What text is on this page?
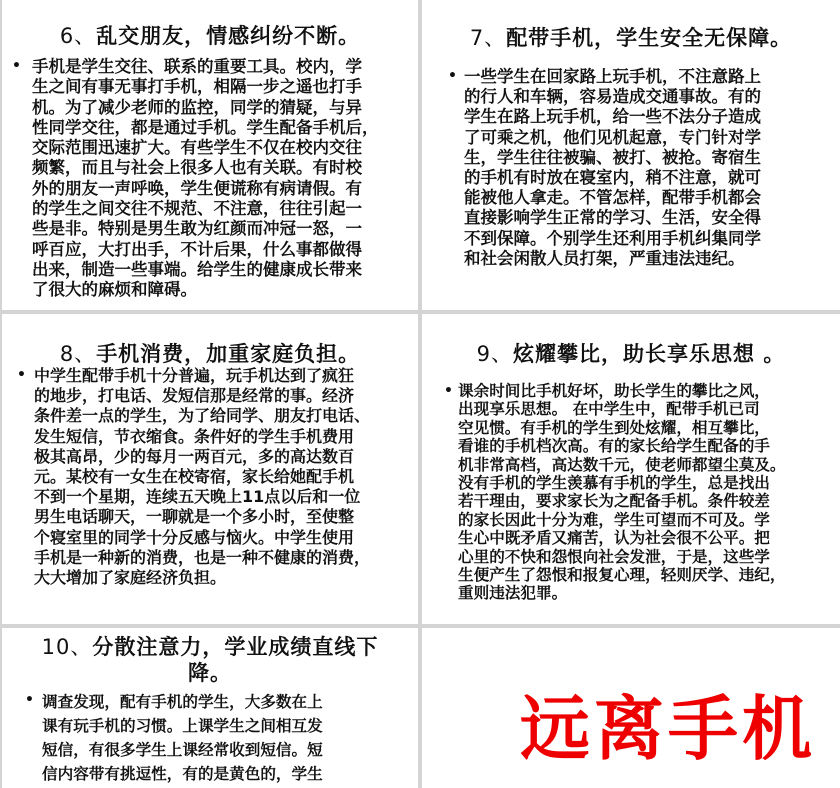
6、乱交朋友，情感纠纷不断。
• 手机是学生交往、联系的重要工具。校内，学
生之间有事无事打手机，相隔一步之遥也打手
机。为了减少老师的监控，同学的猜疑，与异
性同学交往，都是通过手机。学生配备手机后，
交际范围迅速扩大。有些学生不仅在校内交往
频繁，而且与社会上很多人也有关联。有时校
外的朋友一声呼唤，学生便谎称有病请假。有
的学生之间交往不规范、不注意，往往引起一
些是非。特别是男生敢为红颜而冲冠一怒，一
呼百应，大打出手，不计后果，什么事都做得
出来，制造一些事端。给学生的健康成长带来
了很大的麻烦和障碍。
7、配带手机，学生安全无保障。
• 一些学生在回家路上玩手机，不注意路上
的行人和车辆，容易造成交通事故。有的
学生在路上玩手机，给一些不法分子造成
了可乘之机，他们见机起意，专门针对学
生，学生往往被骗、被打、被抢。寄宿生
的手机有时放在寝室内，稍不注意，就可
能被他人拿走。不管怎样，配带手机都会
直接影响学生正常的学习、生活，安全得
不到保障。个别学生还利用手机纠集同学
和社会闲散人员打架，严重违法违纪。
8、手机消费，加重家庭负担。
• 中学生配带手机十分普遍，玩手机达到了疯狂
的地步，打电话、发短信那是经常的事。经济
条件差一点的学生，为了给同学、朋友打电话、
发生短信，节衣缩食。条件好的学生手机费用
极其高昂，少的每月一两百元，多的高达数百
元。某校有一女生在校寄宿，家长给她配手机
不到一个星期，连续五天晚上11点以后和一位
男生电话聊天，一聊就是一个多小时，至使整
个寝室里的同学十分反感与恼火。中学生使用
手机是一种新的消费，也是一种不健康的消费，
大大增加了家庭经济负担。
9、炫耀攀比，助长享乐思想 。
• 课余时间比手机好坏，助长学生的攀比之风，
出现享乐思想。 在中学生中，配带手机已司
空见惯。有手机的学生到处炫耀，相互攀比，
看谁的手机档次高。有的家长给学生配备的手
机非常高档，高达数千元，使老师都望尘莫及。
没有手机的学生羡慕有手机的学生，总是找出
若干理由，要求家长为之配备手机。条件较差
的家长因此十分为难，学生可望而不可及。学
生心中既矛盾又痛苦，认为社会很不公平。把
心里的不快和怨恨向社会发泄，于是，这些学
生便产生了怨恨和报复心理，轻则厌学、违纪，
重则违法犯罪。
10、分散注意力，学业成绩直线下降。
• 调查发现，配有手机的学生，大多数在上
课有玩手机的习惯。上课学生之间相互发
短信，有很多学生上课经常收到短信。短
信内容带有挑逗性，有的是黄色的，学生
远离手机
